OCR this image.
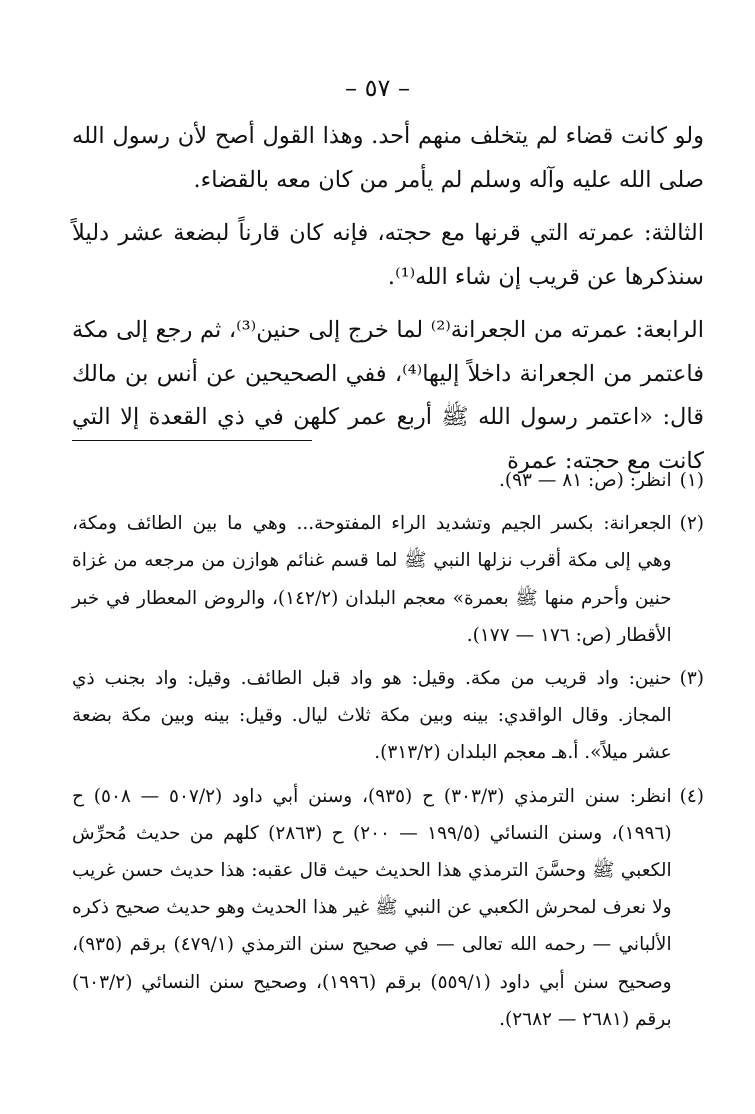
– ٥٧ –

ولو كانت قضاء لم يتخلف منهم أحد. وهذا القول أصح لأن رسول الله صلى الله عليه وآله وسلم لم يأمر من كان معه بالقضاء.

الثالثة: عمرته التي قرنها مع حجته، فإنه كان قارناً لبضعة عشر دليلاً سنذكرها عن قريب إن شاء الله⁽¹⁾.

الرابعة: عمرته من الجعرانة⁽²⁾ لما خرج إلى حنين⁽³⁾، ثم رجع إلى مكة فاعتمر من الجعرانة داخلاً إليها⁽⁴⁾، ففي الصحيحين عن أنس بن مالك قال: «اعتمر رسول الله ﷺ أربع عمر كلهن في ذي القعدة إلا التي كانت مع حجته: عمرة

(١)
انظر: (ص: ٨١ — ٩٣).
(٢)
الجعرانة: بكسر الجيم وتشديد الراء المفتوحة... وهي ما بين الطائف ومكة، وهي إلى مكة أقرب نزلها النبي ﷺ لما قسم غنائم هوازن من مرجعه من غزاة حنين وأحرم منها ﷺ بعمرة» معجم البلدان (١٤٢/٢)، والروض المعطار في خبر الأقطار (ص: ١٧٦ — ١٧٧).
(٣)
حنين: واد قريب من مكة. وقيل: هو واد قبل الطائف. وقيل: واد بجنب ذي المجاز. وقال الواقدي: بينه وبين مكة ثلاث ليال. وقيل: بينه وبين مكة بضعة عشر ميلاً». أ.هـ معجم البلدان (٣١٣/٢).
(٤)
انظر: سنن الترمذي (٣٠٣/٣) ح (٩٣٥)، وسنن أبي داود (٥٠٧/٢ — ٥٠٨) ح (١٩٩٦)، وسنن النسائي (١٩٩/٥ — ٢٠٠) ح (٢٨٦٣) كلهم من حديث مُحرِّش الكعبي ﷺ وحسَّنَ الترمذي هذا الحديث حيث قال عقبه: هذا حديث حسن غريب ولا نعرف لمحرش الكعبي عن النبي ﷺ غير هذا الحديث وهو حديث صحيح ذكره الألباني — رحمه الله تعالى — في صحيح سنن الترمذي (٤٧٩/١) برقم (٩٣٥)، وصحيح سنن أبي داود (٥٥٩/١) برقم (١٩٩٦)، وصحيح سنن النسائي (٦٠٣/٢) برقم (٢٦٨١ — ٢٦٨٢).
